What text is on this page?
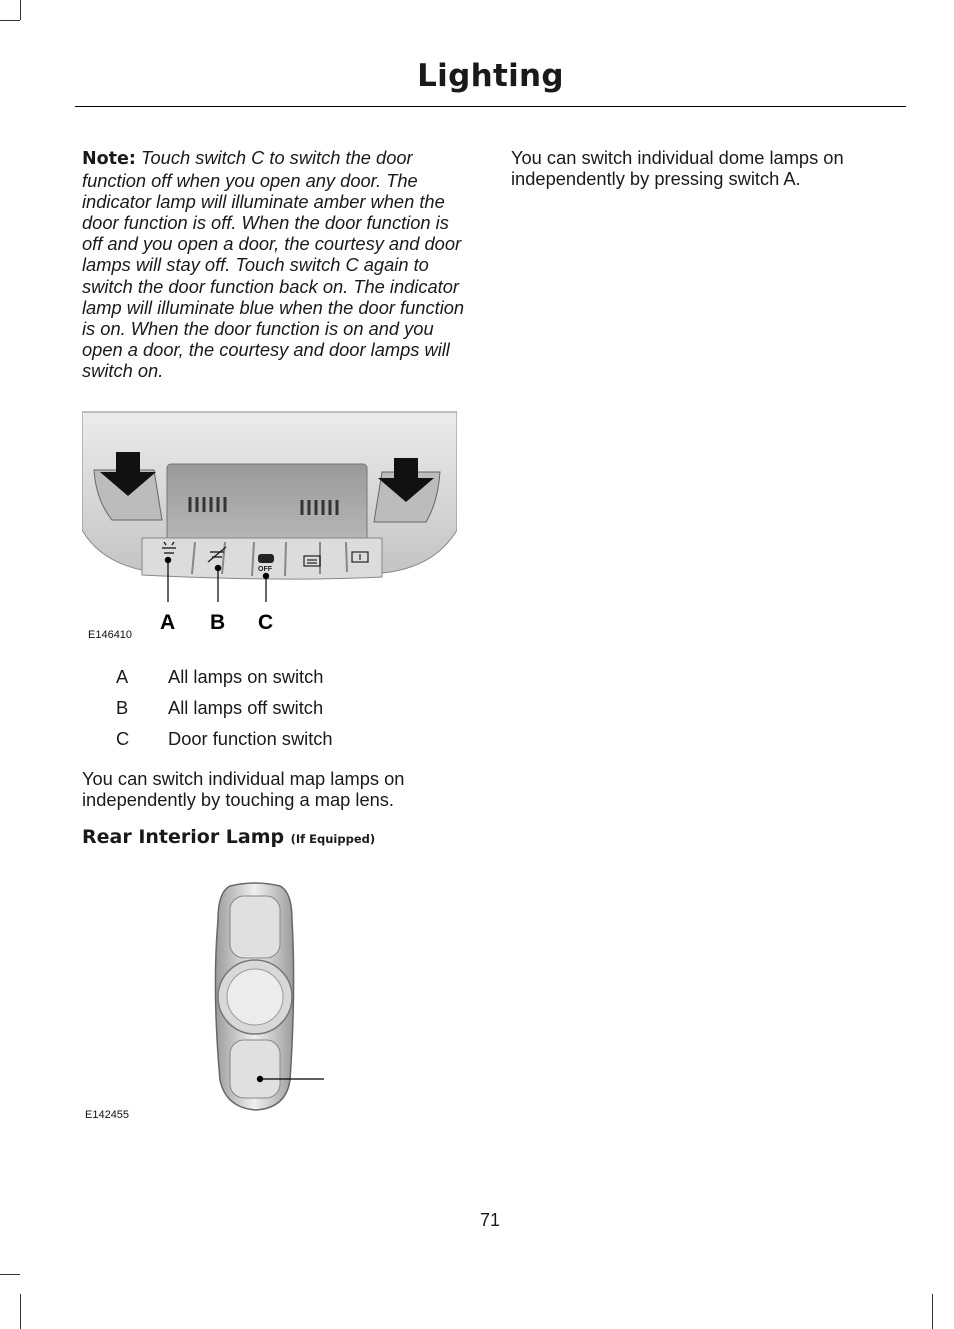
Lighting

Note: Touch switch C to switch the door function off when you open any door. The indicator lamp will illuminate amber when the door function is off. When the door function is off and you open a door, the courtesy and door lamps will stay off. Touch switch C again to switch the door function back on. The indicator lamp will illuminate blue when the door function is on. When the door function is on and you open a door, the courtesy and door lamps will switch on.

OFF
A B C
E146410
A All lamps on switch
B All lamps off switch
C Door function switch

You can switch individual map lamps on independently by touching a map lens.

Rear Interior Lamp (If Equipped)
E142455

You can switch individual dome lamps on independently by pressing switch A.

71
